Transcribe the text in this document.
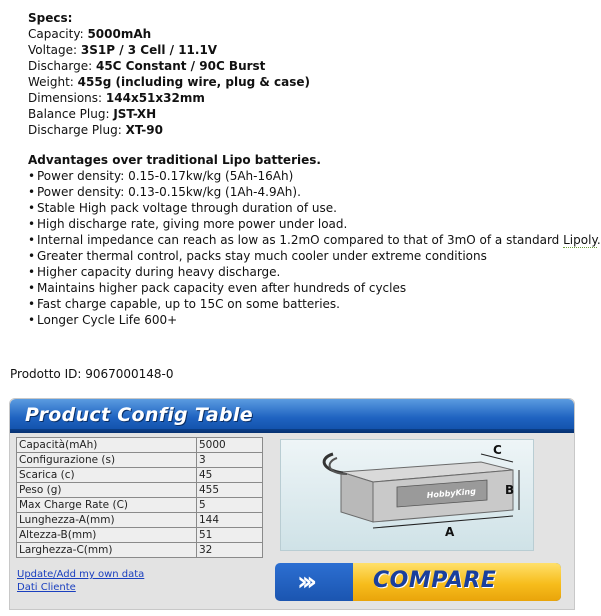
Specs:
Capacity: 5000mAh
Voltage: 3S1P / 3 Cell / 11.1V
Discharge: 45C Constant / 90C Burst
Weight: 455g (including wire, plug & case)
Dimensions: 144x51x32mm
Balance Plug: JST-XH
Discharge Plug: XT-90
Advantages over traditional Lipo batteries.
• Power density: 0.15-0.17kw/kg (5Ah-16Ah)
• Power density: 0.13-0.15kw/kg (1Ah-4.9Ah).
• Stable High pack voltage through duration of use.
• High discharge rate, giving more power under load.
• Internal impedance can reach as low as 1.2mO compared to that of 3mO of a standard Lipoly.
• Greater thermal control, packs stay much cooler under extreme conditions
• Higher capacity during heavy discharge.
• Maintains higher pack capacity even after hundreds of cycles
• Fast charge capable, up to 15C on some batteries.
• Longer Cycle Life 600+
Prodotto ID: 9067000148-0
Product Config Table
Capacità(mAh)	5000
Configurazione (s)	3
Scarica (c)	45
Peso (g)	455
Max Charge Rate (C)	5
Lunghezza-A(mm)	144
Altezza-B(mm)	51
Larghezza-C(mm)	32
Update/Add my own data
Dati Cliente
HobbyKing
A
B
C
›››	COMPARE
